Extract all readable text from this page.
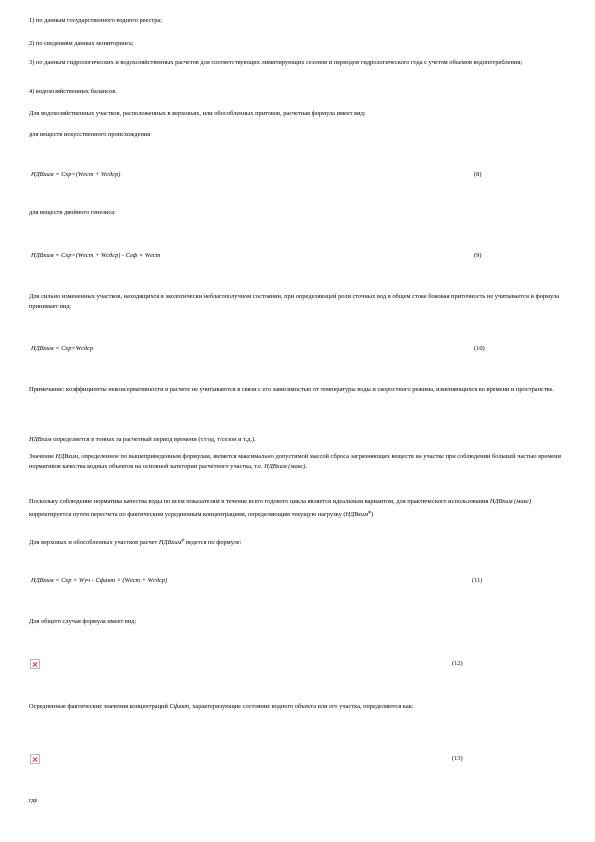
1) по данным государственного водного реестра;
2) по сведениям данных мониторинга;
3) по данным гидрологических и водохозяйственных расчетов для соответствующих лимитирующих сезонов и периодов гидрологического года с учетом объемов водопотребления;
4) водохозяйственных балансов.
Для водохозяйственных участков, расположенных в верховьях, или обособленных притоков, расчетная формула имеет вид:
для веществ искусственного происхождения
НДВхим = Схр×(Wест + Wсдср)	(8)
для веществ двойного генезиса:
НДВхим = Схр×(Wест + Wсдср) - Сеф × Wест	(9)
Для сильно измененных участков, находящихся в экологически неблагополучном состоянии, при определяющей роли сточных вод в общем стоке боковая приточность не учитывается и формула принимает вид:
НДВхим = Схр×Wсдср	(10)
Примечание: коэффициенты неконсервативности в расчете не учитываются в связи с его зависимостью от температуры воды и скоростного режима, изменяющихся во времени и пространстве.
НДВхим определяется в тоннах за расчетный период времени (т/год, т/сезон и т.д.).
Значение НДВхим, определенное по вышеприведенным формулам, является максимально допустимой массой сброса загрязняющих веществ на участке при соблюдении большей частью времени нормативов качества водных объектов на основной категории расчетного участка, т.е. НДВхим (макс).
Поскольку соблюдение норматива качества воды по всем показателям в течение всего годового цикла является идеальным вариантом, для практического использования НДВхим (макс) корректируется путем пересчета по фактическим усредненным концентрациям, определяющим текущую нагрузку (НДВхим$^ф$)
Для верховых и обособленных участков расчет НДВхим$^ф$ ведется по формуле:
НДВхим = Схр × Wуч - Сфакт × (Wест + Wсдср)	(11)
Для общего случая формула имеет вид:
(12)
Осредненные фактические значения концентраций Сфакт, характеризующие состояние водного объекта или его участка, определяются как:
(13)
где
